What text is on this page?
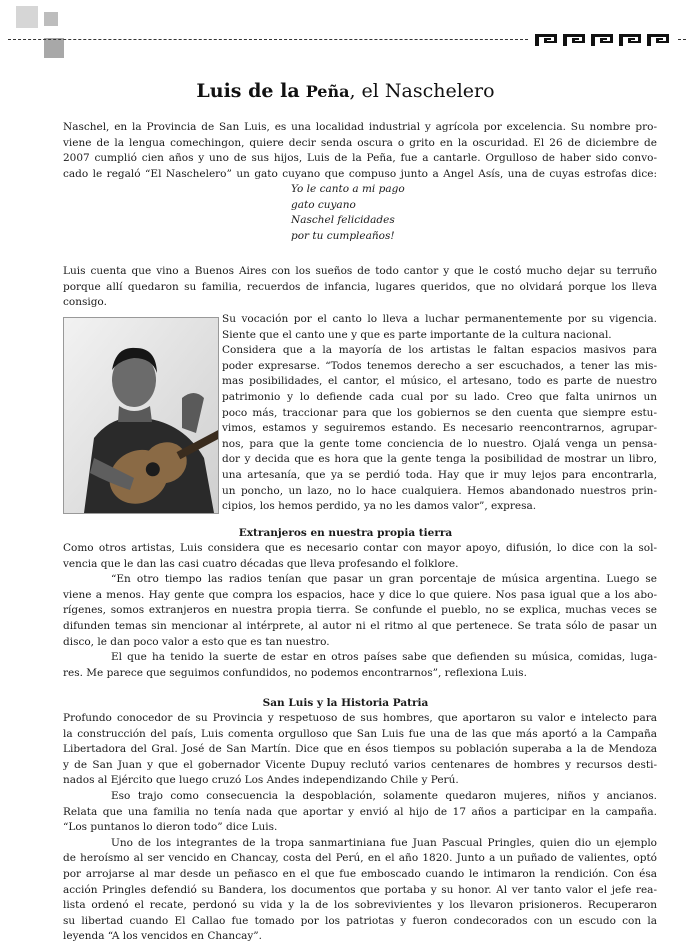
Luis de la Peña, el Naschelero
Naschel, en la Provincia de San Luis, es una localidad industrial y agrícola por excelencia. Su nombre pro-
viene de la lengua comechingon, quiere decir senda oscura o grito en la oscuridad. El 26 de diciembre de
2007 cumplió cien años y uno de sus hijos, Luis de la Peña, fue a cantarle. Orgulloso de haber sido convo-
cado le regaló “El Naschelero” un gato cuyano que compuso junto a Angel Asís, una de cuyas estrofas dice:
Yo le canto a mi pago
gato cuyano
Naschel felicidades
por tu cumpleaños!
Luis cuenta que vino a Buenos Aires con los sueños de todo cantor y que le costó mucho dejar su terruño
porque allí quedaron su familia, recuerdos de infancia, lugares queridos, que no olvidará porque los lleva
consigo.
Su vocación por el canto lo lleva a luchar permanentemente por su vigencia.
Siente que el canto une y que es parte importante de la cultura nacional.
Considera que a la mayoría de los artistas le faltan espacios masivos para
poder expresarse. “Todos tenemos derecho a ser escuchados, a tener las mis-
mas posibilidades, el cantor, el músico, el artesano, todo es parte de nuestro
patrimonio y lo defiende cada cual por su lado. Creo que falta unirnos un
poco más, traccionar para que los gobiernos se den cuenta que siempre estu-
vimos, estamos y seguiremos estando. Es necesario reencontrarnos, agrupar-
nos, para que la gente tome conciencia de lo nuestro. Ojalá venga un pensa-
dor y decida que es hora que la gente tenga la posibilidad de mostrar un libro,
una artesanía, que ya se perdió toda. Hay que ir muy lejos para encontrarla,
un poncho, un lazo, no lo hace cualquiera. Hemos abandonado nuestros prin-
cipios, los hemos perdido, ya no les damos valor”, expresa.
Extranjeros en nuestra propia tierra
Como otros artistas, Luis considera que es necesario contar con mayor apoyo, difusión, lo dice con la sol-
vencia que le dan las casi cuatro décadas que lleva profesando el folklore.
“En otro tiempo las radios tenían que pasar un gran porcentaje de música argentina. Luego se
viene a menos. Hay gente que compra los espacios, hace y dice lo que quiere. Nos pasa igual que a los abo-
rígenes, somos extranjeros en nuestra propia tierra. Se confunde el pueblo, no se explica, muchas veces se
difunden temas sin mencionar al intérprete, al autor ni el ritmo al que pertenece. Se trata sólo de pasar un
disco, le dan poco valor a esto que es tan nuestro.
El que ha tenido la suerte de estar en otros países sabe que defienden su música, comidas, luga-
res. Me parece que seguimos confundidos, no podemos encontrarnos”, reflexiona Luis.
San Luis y la Historia Patria
Profundo conocedor de su Provincia y respetuoso de sus hombres, que aportaron su valor e intelecto para
la construcción del país, Luis comenta orgulloso que San Luis fue una de las que más aportó a la Campaña
Libertadora del Gral. José de San Martín. Dice que en ésos tiempos su población superaba a la de Mendoza
y de San Juan y que el gobernador Vicente Dupuy reclutó varios centenares de hombres y recursos desti-
nados al Ejército que luego cruzó Los Andes independizando Chile y Perú.
Eso trajo como consecuencia la despoblación, solamente quedaron mujeres, niños y ancianos.
Relata que una familia no tenía nada que aportar y envió al hijo de 17 años a participar en la campaña.
“Los puntanos lo dieron todo” dice Luis.
Uno de los integrantes de la tropa sanmartiniana fue Juan Pascual Pringles, quien dio un ejemplo
de heroísmo al ser vencido en Chancay, costa del Perú, en el año 1820. Junto a un puñado de valientes, optó
por arrojarse al mar desde un peñasco en el que fue emboscado cuando le intimaron la rendición. Con ésa
acción Pringles defendió su Bandera, los documentos que portaba y su honor. Al ver tanto valor el jefe rea-
lista ordenó el recate, perdonó su vida y la de los sobrevivientes y los llevaron prisioneros. Recuperaron
su libertad cuando El Callao fue tomado por los patriotas y fueron condecorados con un escudo con la
leyenda “A los vencidos en Chancay”.
